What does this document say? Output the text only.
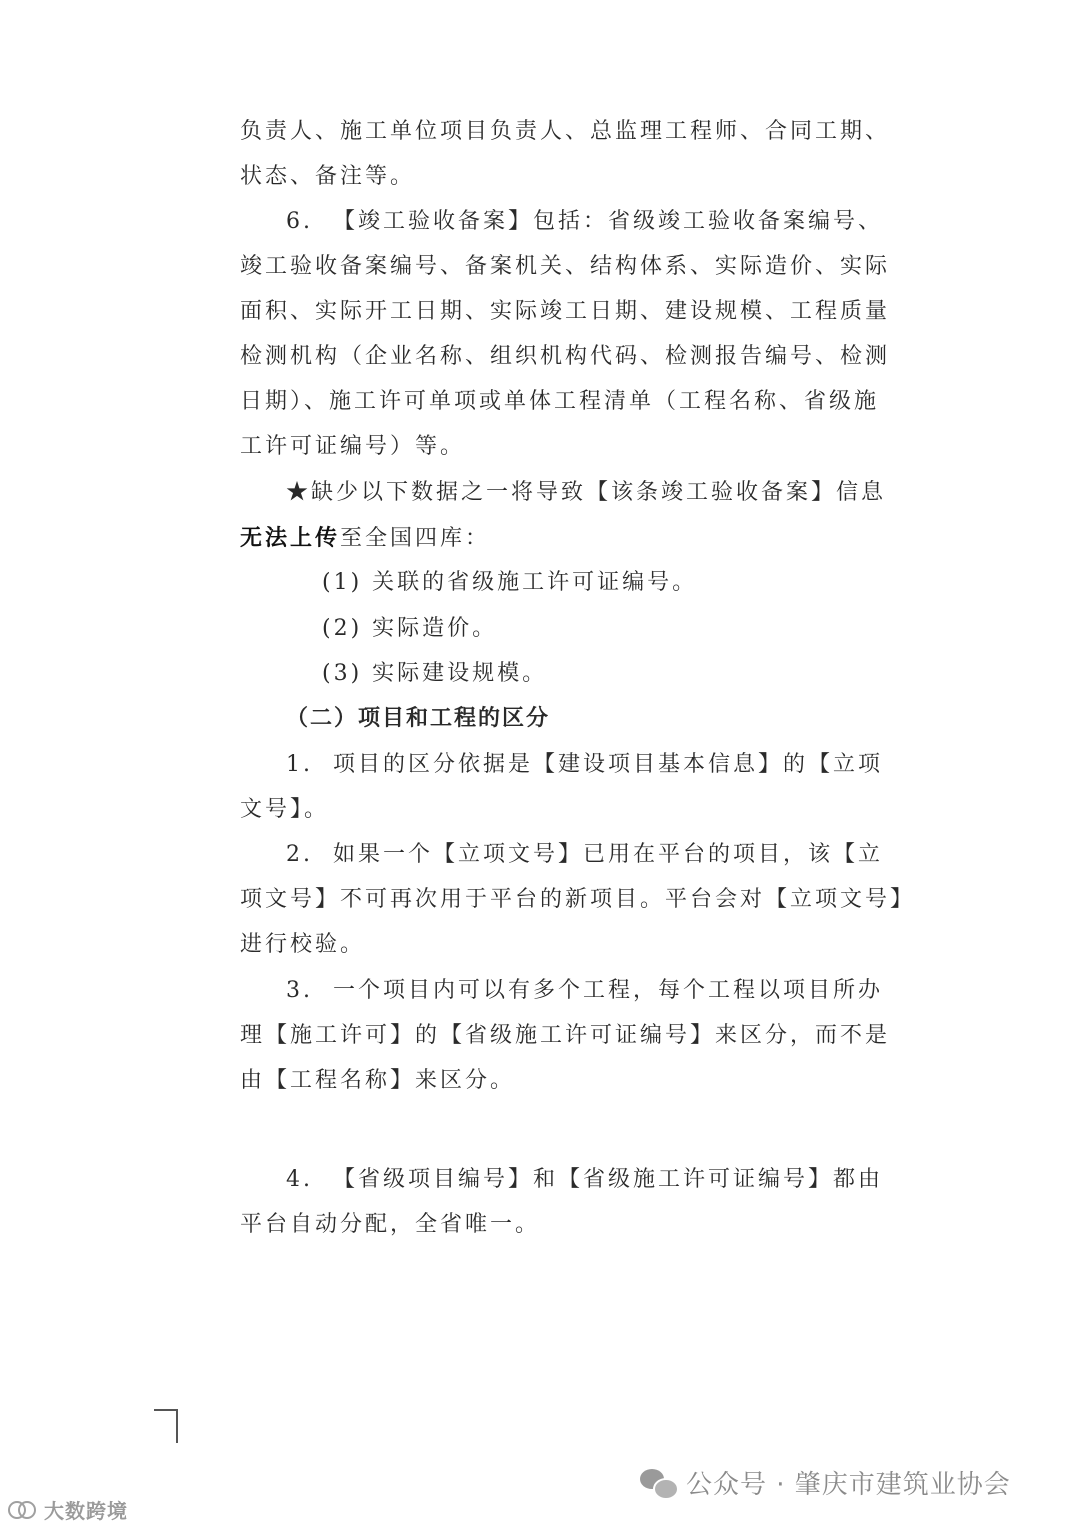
负责人、施工单位项目负责人、总监理工程师、合同工期、
状态、备注等。
6.  【竣工验收备案】包括：省级竣工验收备案编号、
竣工验收备案编号、备案机关、结构体系、实际造价、实际
面积、实际开工日期、实际竣工日期、建设规模、工程质量
检测机构（企业名称、组织机构代码、检测报告编号、检测
日期）、施工许可单项或单体工程清单（工程名称、省级施
工许可证编号）等。
★缺少以下数据之一将导致【该条竣工验收备案】信息
无法上传至全国四库：
(1) 关联的省级施工许可证编号。
(2) 实际造价。
(3) 实际建设规模。
（二）项目和工程的区分
1.  项目的区分依据是【建设项目基本信息】的【立项
文号】。
2.  如果一个【立项文号】已用在平台的项目，该【立
项文号】不可再次用于平台的新项目。平台会对【立项文号】
进行校验。
3.  一个项目内可以有多个工程，每个工程以项目所办
理【施工许可】的【省级施工许可证编号】来区分，而不是
由【工程名称】来区分。
4.  【省级项目编号】和【省级施工许可证编号】都由
平台自动分配，全省唯一。
公众号 · 肇庆市建筑业协会
大数跨境
